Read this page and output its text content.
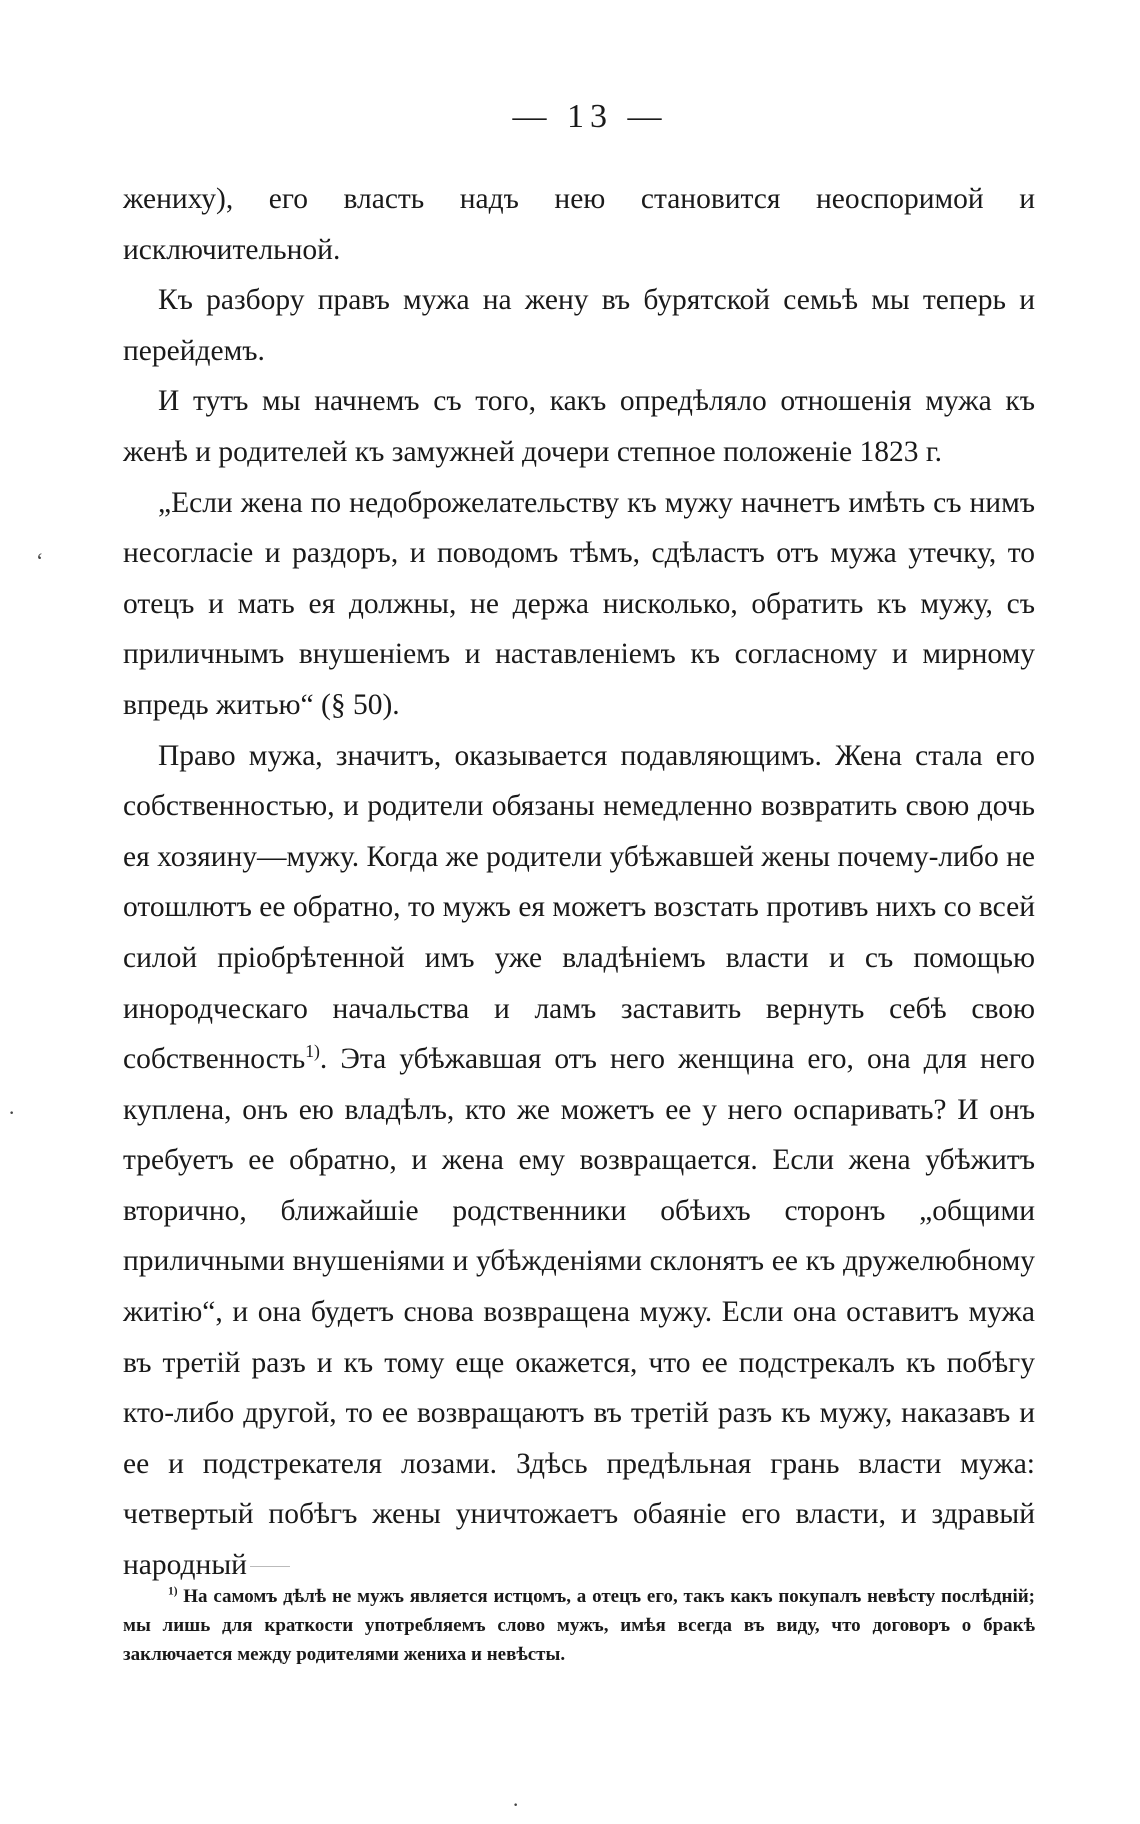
— 13 —

жениху), его власть надъ нею становится неоспоримой и исключительной.

Къ разбору правъ мужа на жену въ бурятской семьѣ мы теперь и перейдемъ.

И тутъ мы начнемъ съ того, какъ опредѣляло отношенія мужа къ женѣ и родителей къ замужней дочери степное положеніе 1823 г.

„Если жена по недоброжелательству къ мужу начнетъ имѣть съ нимъ несогласіе и раздоръ, и поводомъ тѣмъ, сдѣластъ отъ мужа утечку, то отецъ и мать ея должны, не держа нисколько, обратить къ мужу, съ приличнымъ внушеніемъ и наставленіемъ къ согласному и мирному впредь житью“ (§ 50).

Право мужа, значитъ, оказывается подавляющимъ. Жена стала его собственностью, и родители обязаны немедленно возвратить свою дочь ея хозяину—мужу. Когда же родители убѣжавшей жены почему-либо не отошлютъ ее обратно, то мужъ ея можетъ возстать противъ нихъ со всей силой пріобрѣтенной имъ уже владѣніемъ власти и съ помощью инородческаго начальства и ламъ заставить вернуть себѣ свою собственность$^{1)}$. Эта убѣжавшая отъ него женщина его, она для него куплена, онъ ею владѣлъ, кто же можетъ ее у него оспаривать? И онъ требуетъ ее обратно, и жена ему возвращается. Если жена убѣжитъ вторично, ближайшіе родственники обѣихъ сторонъ „общими приличными внушеніями и убѣжденіями склонятъ ее къ дружелюбному житію“, и она будетъ снова возвращена мужу. Если она оставитъ мужа въ третій разъ и къ тому еще окажется, что ее подстрекалъ къ побѣгу кто-либо другой, то ее возвращаютъ въ третій разъ къ мужу, наказавъ и ее и подстрекателя лозами. Здѣсь предѣльная грань власти мужа: четвертый побѣгъ жены уничтожаетъ обаяніе его власти, и здравый народный

$^{1)}$ На самомъ дѣлѣ не мужъ является истцомъ, а отецъ его, такъ какъ покупалъ невѣсту послѣдній; мы лишь для краткости употребляемъ слово мужъ, имѣя всегда въ виду, что договоръ о бракѣ заключается между родителями жениха и невѣсты.
‘
·
·
